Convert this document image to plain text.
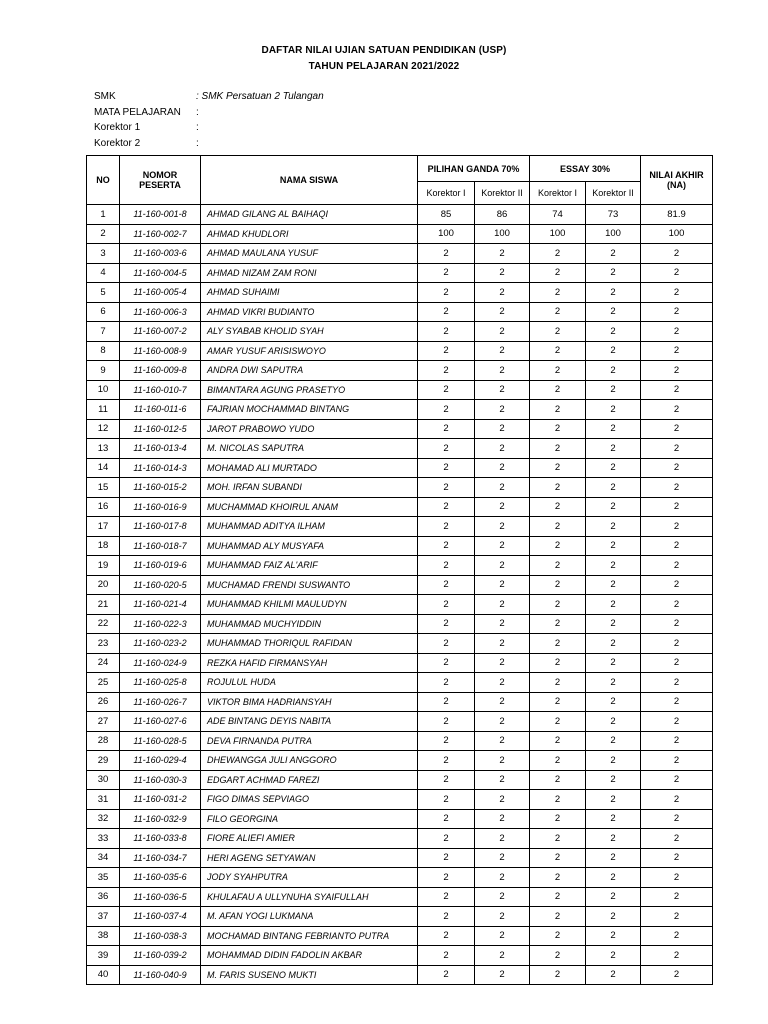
DAFTAR NILAI UJIAN SATUAN PENDIDIKAN (USP)
TAHUN PELAJARAN 2021/2022
SMK	: SMK Persatuan 2 Tulangan
MATA PELAJARAN :
Korektor 1	:
Korektor 2	:
NO	NOMOR PESERTA	NAMA SISWA	PILIHAN GANDA 70%		ESSAY 30%		NILAI AKHIR (NA)
			Korektor I	Korektor II	Korektor I	Korektor II	
1	11-160-001-8	AHMAD GILANG AL BAIHAQI	85	86	74	73	81.9
2	11-160-002-7	AHMAD KHUDLORI	100	100	100	100	100
3	11-160-003-6	AHMAD MAULANA YUSUF	2	2	2	2	2
4	11-160-004-5	AHMAD NIZAM ZAM RONI	2	2	2	2	2
5	11-160-005-4	AHMAD SUHAIMI	2	2	2	2	2
6	11-160-006-3	AHMAD VIKRI BUDIANTO	2	2	2	2	2
7	11-160-007-2	ALY SYABAB KHOLID SYAH	2	2	2	2	2
8	11-160-008-9	AMAR YUSUF ARISISWOYO	2	2	2	2	2
9	11-160-009-8	ANDRA DWI SAPUTRA	2	2	2	2	2
10	11-160-010-7	BIMANTARA AGUNG PRASETYO	2	2	2	2	2
11	11-160-011-6	FAJRIAN MOCHAMMAD BINTANG	2	2	2	2	2
12	11-160-012-5	JAROT PRABOWO YUDO	2	2	2	2	2
13	11-160-013-4	M. NICOLAS SAPUTRA	2	2	2	2	2
14	11-160-014-3	MOHAMAD ALI MURTADO	2	2	2	2	2
15	11-160-015-2	MOH. IRFAN SUBANDI	2	2	2	2	2
16	11-160-016-9	MUCHAMMAD KHOIRUL ANAM	2	2	2	2	2
17	11-160-017-8	MUHAMMAD ADITYA ILHAM	2	2	2	2	2
18	11-160-018-7	MUHAMMAD ALY MUSYAFA	2	2	2	2	2
19	11-160-019-6	MUHAMMAD FAIZ AL'ARIF	2	2	2	2	2
20	11-160-020-5	MUCHAMAD FRENDI SUSWANTO	2	2	2	2	2
21	11-160-021-4	MUHAMMAD KHILMI MAULUDYN	2	2	2	2	2
22	11-160-022-3	MUHAMMAD MUCHYIDDIN	2	2	2	2	2
23	11-160-023-2	MUHAMMAD THORIQUL RAFIDAN	2	2	2	2	2
24	11-160-024-9	REZKA HAFID FIRMANSYAH	2	2	2	2	2
25	11-160-025-8	ROJULUL HUDA	2	2	2	2	2
26	11-160-026-7	VIKTOR BIMA HADRIANSYAH	2	2	2	2	2
27	11-160-027-6	ADE BINTANG DEYIS NABITA	2	2	2	2	2
28	11-160-028-5	DEVA FIRNANDA PUTRA	2	2	2	2	2
29	11-160-029-4	DHEWANGGA JULI ANGGORO	2	2	2	2	2
30	11-160-030-3	EDGART ACHMAD FAREZI	2	2	2	2	2
31	11-160-031-2	FIGO DIMAS SEPVIAGO	2	2	2	2	2
32	11-160-032-9	FILO GEORGINA	2	2	2	2	2
33	11-160-033-8	FIORE ALIEFI AMIER	2	2	2	2	2
34	11-160-034-7	HERI AGENG SETYAWAN	2	2	2	2	2
35	11-160-035-6	JODY SYAHPUTRA	2	2	2	2	2
36	11-160-036-5	KHULAFAU A ULLYNUHA SYAIFULLAH	2	2	2	2	2
37	11-160-037-4	M. AFAN YOGI LUKMANA	2	2	2	2	2
38	11-160-038-3	MOCHAMAD BINTANG FEBRIANTO PUTRA	2	2	2	2	2
39	11-160-039-2	MOHAMMAD DIDIN FADOLIN AKBAR	2	2	2	2	2
40	11-160-040-9	M. FARIS SUSENO MUKTI	2	2	2	2	2
